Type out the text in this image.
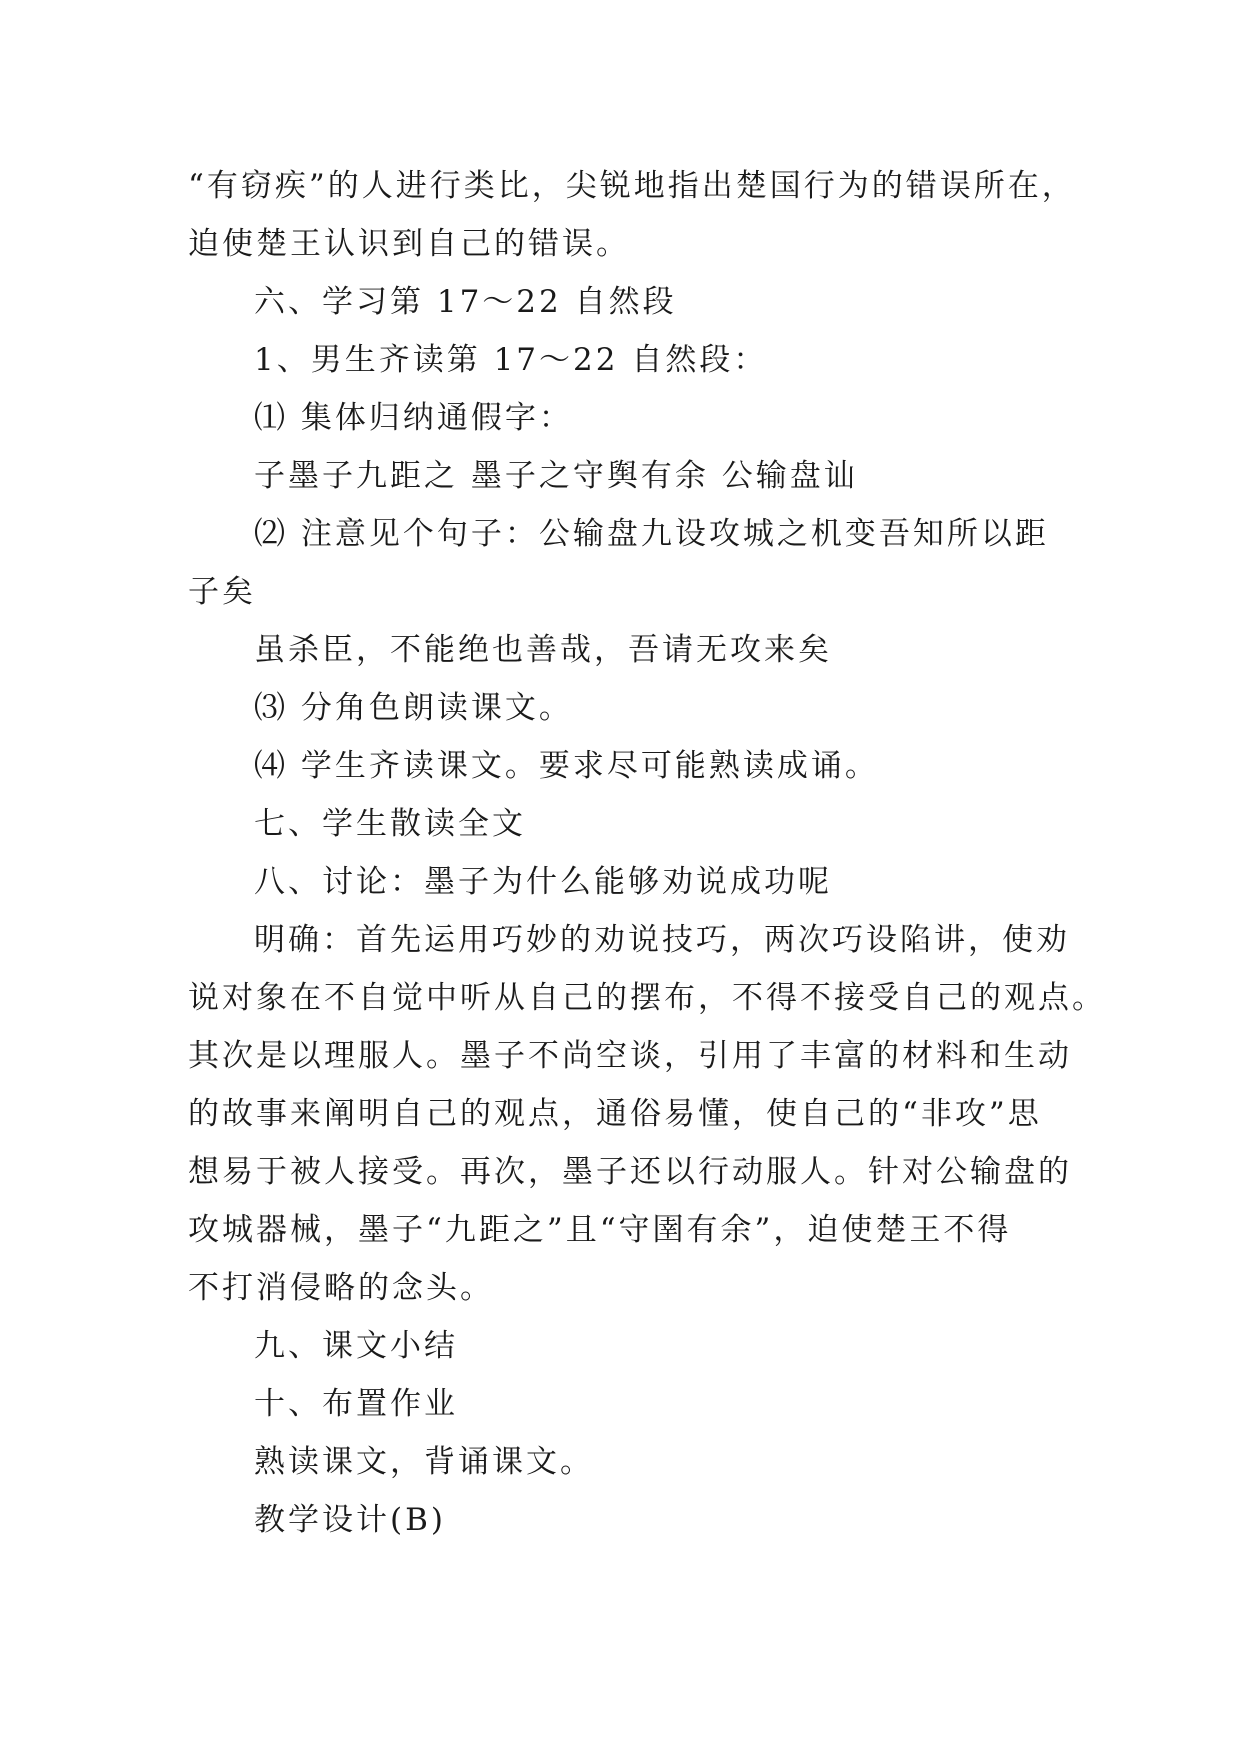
“有窃疾”的人进行类比，尖锐地指出楚国行为的错误所在，
迫使楚王认识到自己的错误。
六、学习第 17～22 自然段
1、男生齐读第 17～22 自然段：
⑴ 集体归纳通假字：
子墨子九距之 墨子之守舆有余 公输盘讪
⑵ 注意见个句子：公输盘九设攻城之机变吾知所以距
子矣
虽杀臣，不能绝也善哉，吾请无攻来矣
⑶ 分角色朗读课文。
⑷ 学生齐读课文。要求尽可能熟读成诵。
七、学生散读全文
八、讨论：墨子为什么能够劝说成功呢
明确：首先运用巧妙的劝说技巧，两次巧设陷讲，使劝
说对象在不自觉中听从自己的摆布，不得不接受自己的观点。
其次是以理服人。墨子不尚空谈，引用了丰富的材料和生动
的故事来阐明自己的观点，通俗易懂，使自己的“非攻”思
想易于被人接受。再次，墨子还以行动服人。针对公输盘的
攻城器械，墨子“九距之”且“守圉有余”，迫使楚王不得
不打消侵略的念头。
九、课文小结
十、布置作业
熟读课文，背诵课文。
教学设计(B)
